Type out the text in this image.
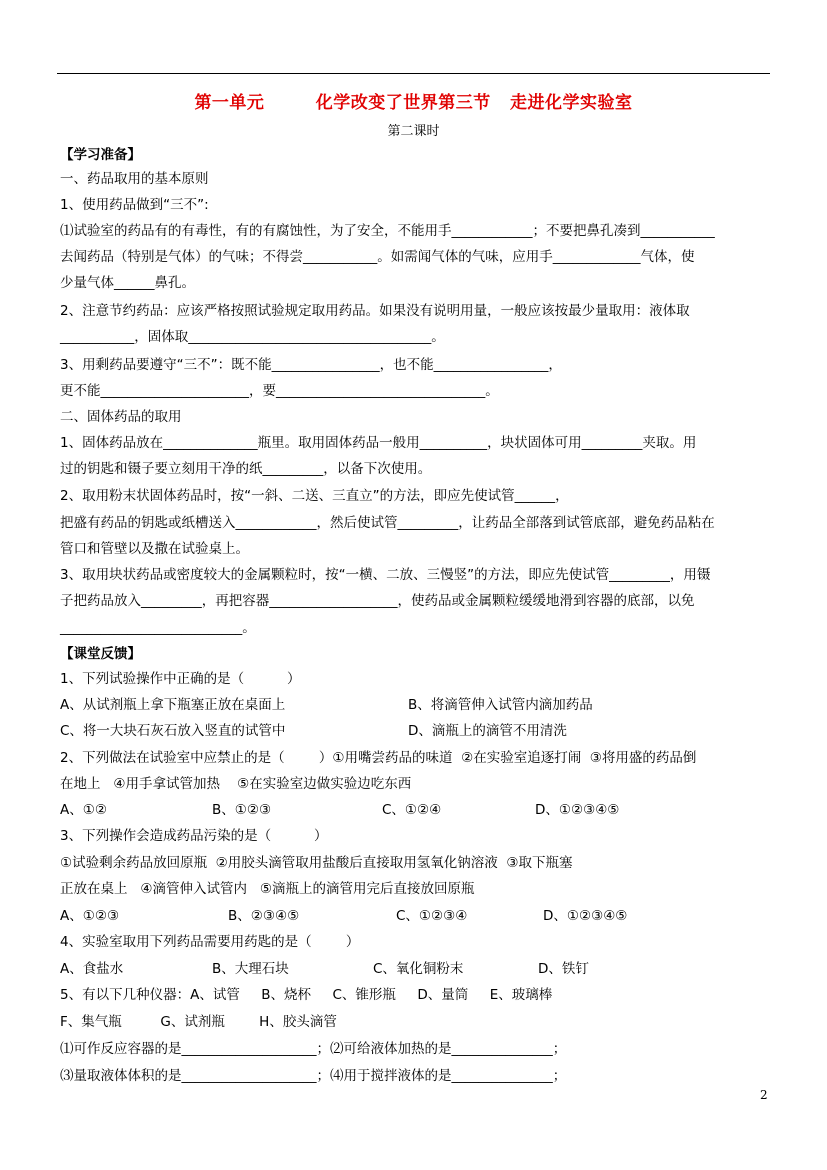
第一单元        化学改变了世界第三节   走进化学实验室
第二课时
【学习准备】
一、药品取用的基本原则
1、使用药品做到“三不”:
⑴试验室的药品有的有毒性，有的有腐蚀性，为了安全，不能用手____________；不要把鼻孔凑到___________
去闻药品（特别是气体）的气味；不得尝___________。如需闻气体的气味，应用手_____________气体，使
少量气体______鼻孔。
2、注意节约药品：应该严格按照试验规定取用药品。如果没有说明用量，一般应该按最少量取用：液体取
___________，固体取____________________________________。
3、用剩药品要遵守“三不”：既不能________________，也不能_________________，
更不能______________________，要_______________________________。
二、固体药品的取用
1、固体药品放在______________瓶里。取用固体药品一般用__________，块状固体可用_________夹取。用
过的钥匙和镊子要立刻用干净的纸_________，以备下次使用。
2、取用粉末状固体药品时，按“一斜、二送、三直立”的方法，即应先使试管______，
把盛有药品的钥匙或纸槽送入____________，然后使试管_________，让药品全部落到试管底部，避免药品粘在
管口和管壁以及撒在试验桌上。
3、取用块状药品或密度较大的金属颗粒时，按“一横、二放、三慢竖”的方法，即应先使试管_________，用镊
子把药品放入_________，再把容器___________________，使药品或金属颗粒缓缓地滑到容器的底部，以免
___________________________。
【课堂反馈】
1、下列试验操作中正确的是（          ）
A、从试剂瓶上拿下瓶塞正放在桌面上	B、将滴管伸入试管内滴加药品
C、将一大块石灰石放入竖直的试管中	D、滴瓶上的滴管不用清洗
2、下列做法在试验室中应禁止的是（        ）①用嘴尝药品的味道  ②在实验室追逐打闹  ③将用盛的药品倒
在地上   ④用手拿试管加热    ⑤在实验室边做实验边吃东西
A、①②	B、①②③	C、①②④	D、①②③④⑤
3、下列操作会造成药品污染的是（          ）
①试验剩余药品放回原瓶  ②用胶头滴管取用盐酸后直接取用氢氧化钠溶液  ③取下瓶塞
正放在桌上   ④滴管伸入试管内   ⑤滴瓶上的滴管用完后直接放回原瓶
A、①②③	B、②③④⑤	C、①②③④	D、①②③④⑤
4、实验室取用下列药品需要用药匙的是（        ）
A、食盐水	B、大理石块	C、氧化铜粉末	D、铁钉
5、有以下几种仪器：A、试管     B、烧杯     C、锥形瓶     D、量筒     E、玻璃棒
F、集气瓶         G、试剂瓶        H、胶头滴管
⑴可作反应容器的是____________________；⑵可给液体加热的是_______________；
⑶量取液体体积的是____________________；⑷用于搅拌液体的是_______________；
2
